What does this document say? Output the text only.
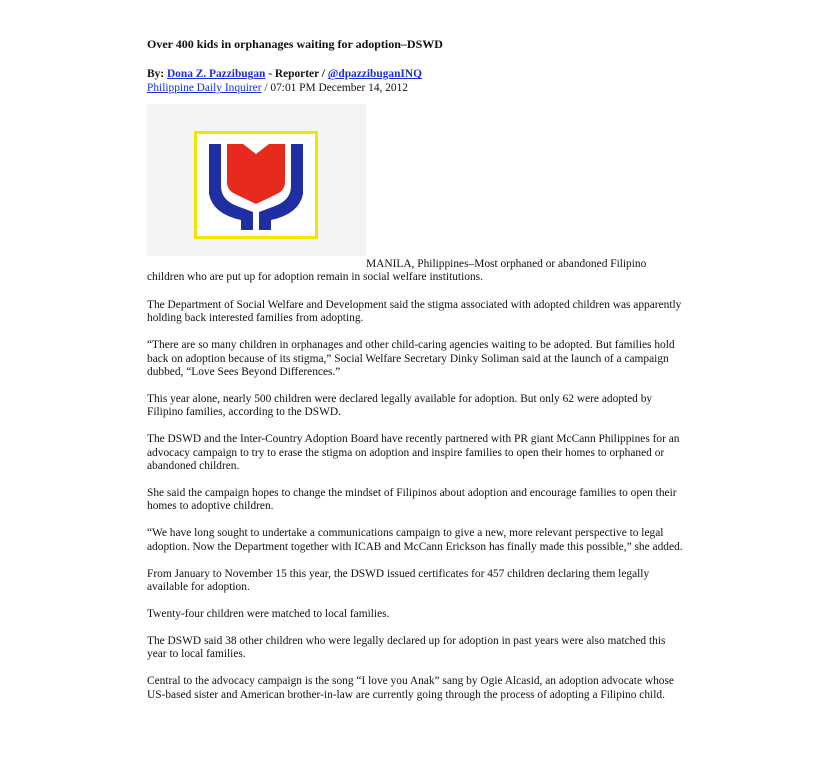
Over 400 kids in orphanages waiting for adoption–DSWD
By: Dona Z. Pazzibugan - Reporter / @dpazzibuganINQ
Philippine Daily Inquirer / 07:01 PM December 14, 2012
MANILA, Philippines–Most orphaned or abandoned Filipino
children who are put up for adoption remain in social welfare institutions.

The Department of Social Welfare and Development said the stigma associated with adopted children was apparently holding back interested families from adopting.

“There are so many children in orphanages and other child-caring agencies waiting to be adopted. But families hold back on adoption because of its stigma,” Social Welfare Secretary Dinky Soliman said at the launch of a campaign dubbed, “Love Sees Beyond Differences.”

This year alone, nearly 500 children were declared legally available for adoption. But only 62 were adopted by Filipino families, according to the DSWD.

The DSWD and the Inter-Country Adoption Board have recently partnered with PR giant McCann Philippines for an advocacy campaign to try to erase the stigma on adoption and inspire families to open their homes to orphaned or abandoned children.

She said the campaign hopes to change the mindset of Filipinos about adoption and encourage families to open their homes to adoptive children.

“We have long sought to undertake a communications campaign to give a new, more relevant perspective to legal adoption. Now the Department together with ICAB and McCann Erickson has finally made this possible,” she added.

From January to November 15 this year, the DSWD issued certificates for 457 children declaring them legally available for adoption.

Twenty-four children were matched to local families.

The DSWD said 38 other children who were legally declared up for adoption in past years were also matched this year to local families.

Central to the advocacy campaign is the song “I love you Anak” sang by Ogie Alcasid, an adoption advocate whose US-based sister and American brother-in-law are currently going through the process of adopting a Filipino child.
